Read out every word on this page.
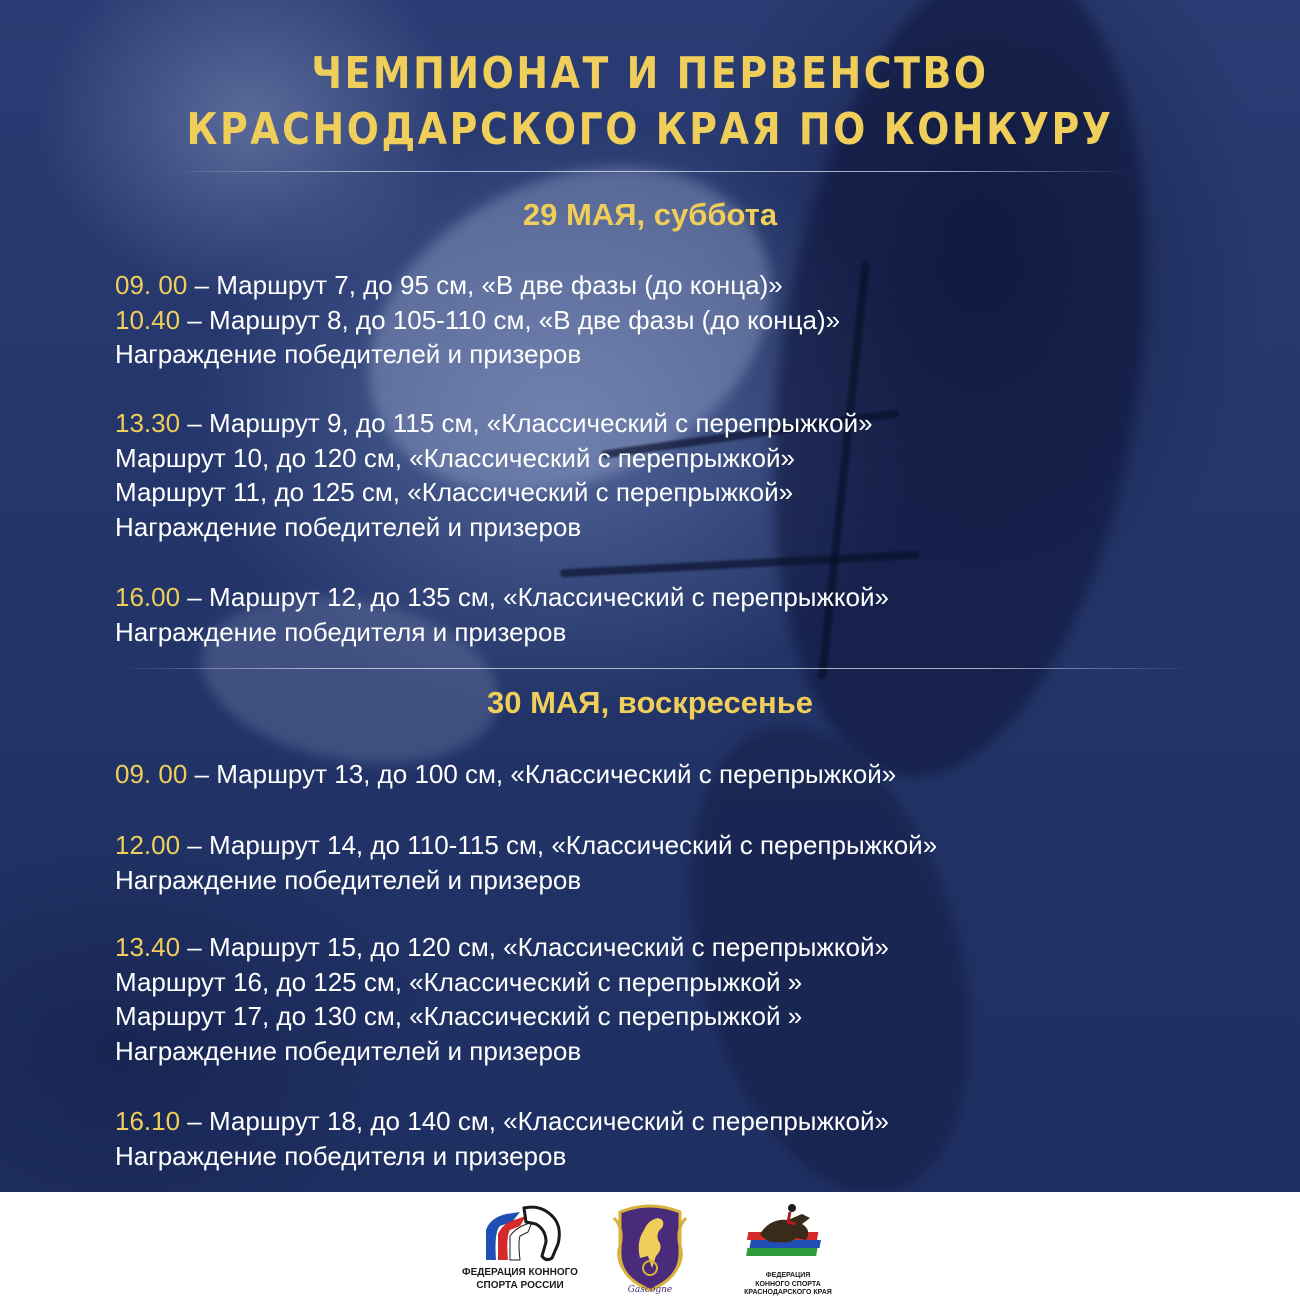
ЧЕМПИОНАТ И ПЕРВЕНСТВО
КРАСНОДАРСКОГО КРАЯ ПО КОНКУРУ
29 МАЯ, суббота
09. 00 – Маршрут 7, до 95 см, «В две фазы (до конца)»
10.40 – Маршрут 8, до 105-110 см, «В две фазы (до конца)»
Награждение победителей и призеров
13.30 – Маршрут 9, до 115 см, «Классический с перепрыжкой»
Маршрут 10, до 120 см, «Классический с перепрыжкой»
Маршрут 11, до 125 см, «Классический с перепрыжкой»
Награждение победителей и призеров
16.00 – Маршрут 12, до 135 см, «Классический с перепрыжкой»
Награждение победителя и призеров
30 МАЯ, воскресенье
09. 00 – Маршрут 13, до 100 см, «Классический с перепрыжкой»
12.00 – Маршрут 14, до 110-115 см, «Классический с перепрыжкой»
Награждение победителей и призеров
13.40 – Маршрут 15, до 120 см, «Классический с перепрыжкой»
Маршрут 16, до 125 см, «Классический с перепрыжкой »
Маршрут 17, до 130 см, «Классический с перепрыжкой »
Награждение победителей и призеров
16.10 – Маршрут 18, до 140 см, «Классический с перепрыжкой»
Награждение победителя и призеров
ФЕДЕРАЦИЯ КОННОГО
СПОРТА РОССИИ	Gascogne
ФЕДЕРАЦИЯ
КОННОГО СПОРТА
КРАСНОДАРСКОГО КРАЯ
